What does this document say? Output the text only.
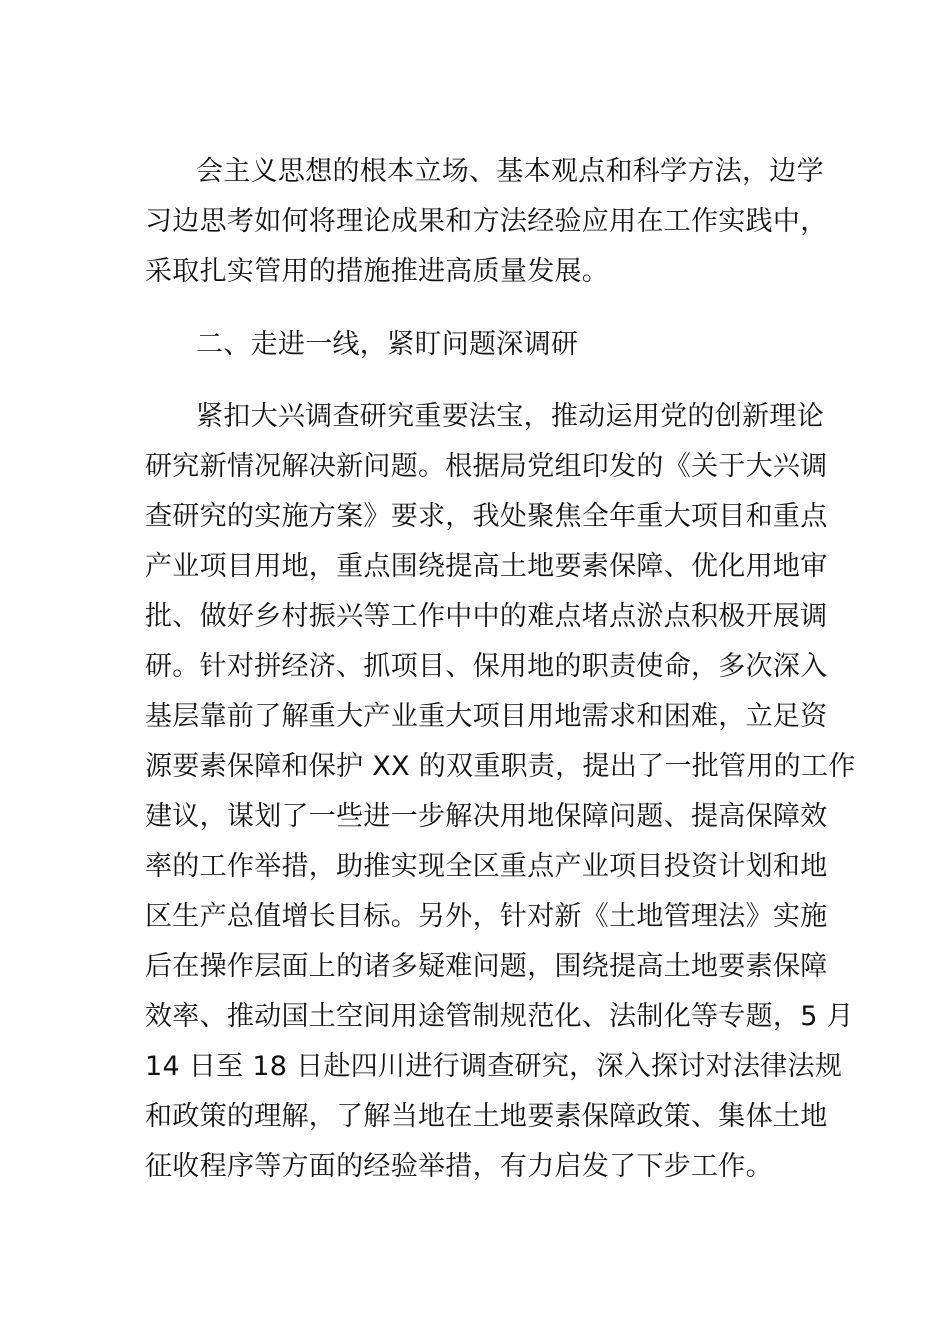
会主义思想的根本立场、基本观点和科学方法，边学
习边思考如何将理论成果和方法经验应用在工作实践中，
采取扎实管用的措施推进高质量发展。
二、走进一线，紧盯问题深调研
紧扣大兴调查研究重要法宝，推动运用党的创新理论
研究新情况解决新问题。根据局党组印发的《关于大兴调
查研究的实施方案》要求，我处聚焦全年重大项目和重点
产业项目用地，重点围绕提高土地要素保障、优化用地审
批、做好乡村振兴等工作中中的难点堵点淤点积极开展调
研。针对拼经济、抓项目、保用地的职责使命，多次深入
基层靠前了解重大产业重大项目用地需求和困难，立足资
源要素保障和保护 XX 的双重职责，提出了一批管用的工作
建议，谋划了一些进一步解决用地保障问题、提高保障效
率的工作举措，助推实现全区重点产业项目投资计划和地
区生产总值增长目标。另外，针对新《土地管理法》实施
后在操作层面上的诸多疑难问题，围绕提高土地要素保障
效率、推动国土空间用途管制规范化、法制化等专题，5 月
14 日至 18 日赴四川进行调查研究，深入探讨对法律法规
和政策的理解，了解当地在土地要素保障政策、集体土地
征收程序等方面的经验举措，有力启发了下步工作。
